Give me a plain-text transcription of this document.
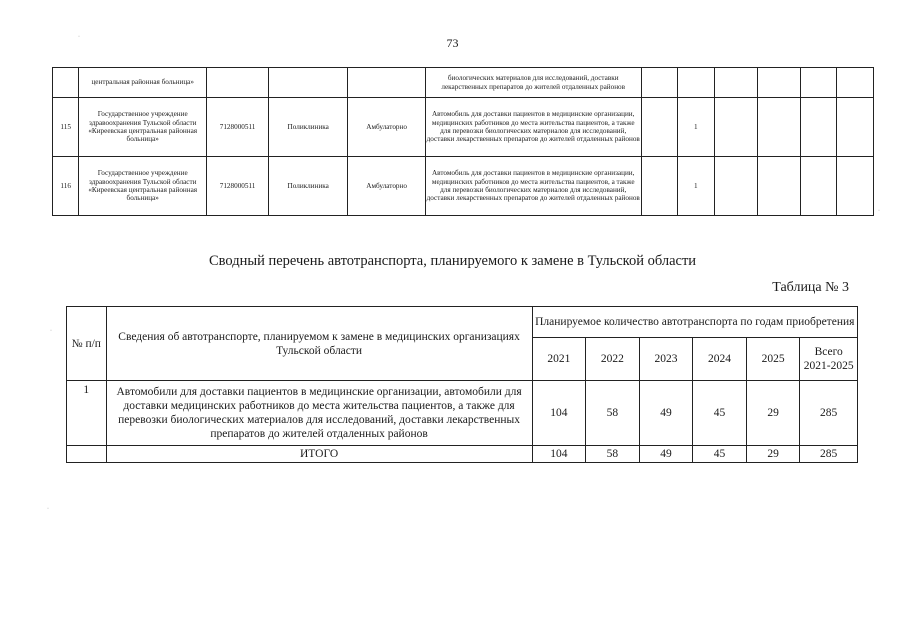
73
	центральная районная больница»				биологических материалов для исследований, доставки лекарственных препаратов до жителей отдаленных районов						
115	Государственное учреждение здравоохранения Тульской области «Киреевская центральная районная больница»	7128000511	Поликлиника	Амбулаторно	Автомобиль для доставки пациентов в медицинские организации, медицинских работников до места жительства пациентов, а также для перевозки биологических материалов для исследований, доставки лекарственных препаратов до жителей отдаленных районов		1				
116	Государственное учреждение здравоохранения Тульской области «Киреевская центральная районная больница»	7128000511	Поликлиника	Амбулаторно	Автомобиль для доставки пациентов в медицинские организации, медицинских работников до места жительства пациентов, а также для перевозки биологических материалов для исследований, доставки лекарственных препаратов до жителей отдаленных районов		1				
Сводный перечень автотранспорта, планируемого к замене в Тульской области
Таблица № 3
№ п/п	Сведения об автотранспорте, планируемом к замене в медицинских организациях Тульской области	Планируемое количество автотранспорта по годам приобретения					
		2021	2022	2023	2024	2025	Всего 2021-2025
1	Автомобили для доставки пациентов в медицинские организации, автомобили для доставки медицинских работников до места жительства пациентов, а также для перевозки биологических материалов для исследований, доставки лекарственных препаратов до жителей отдаленных районов	104	58	49	45	29	285
	ИТОГО	104	58	49	45	29	285
·
·
·
·
